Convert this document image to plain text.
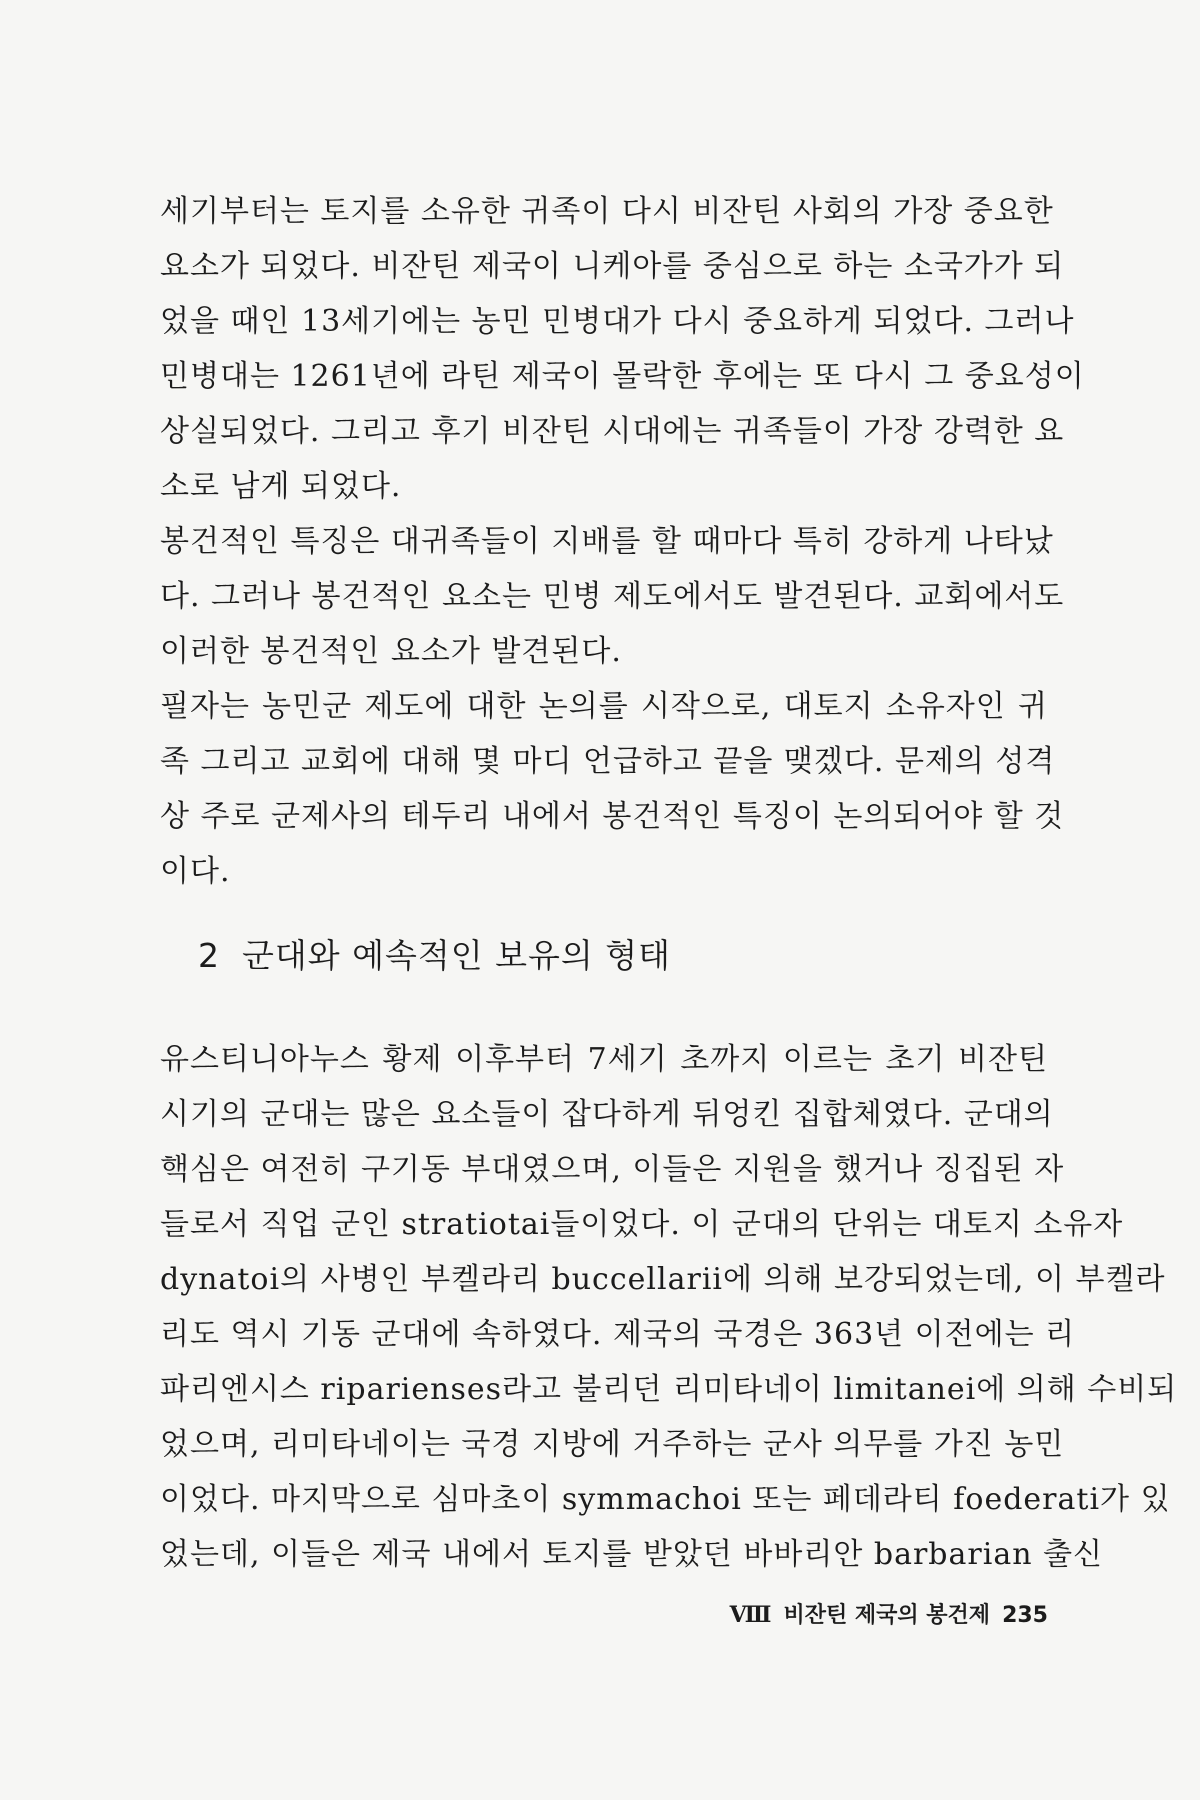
세기부터는 토지를 소유한 귀족이 다시 비잔틴 사회의 가장 중요한
요소가 되었다. 비잔틴 제국이 니케아를 중심으로 하는 소국가가 되
었을 때인 13세기에는 농민 민병대가 다시 중요하게 되었다. 그러나
민병대는 1261년에 라틴 제국이 몰락한 후에는 또 다시 그 중요성이
상실되었다. 그리고 후기 비잔틴 시대에는 귀족들이 가장 강력한 요
소로 남게 되었다.
봉건적인 특징은 대귀족들이 지배를 할 때마다 특히 강하게 나타났
다. 그러나 봉건적인 요소는 민병 제도에서도 발견된다. 교회에서도
이러한 봉건적인 요소가 발견된다.
필자는 농민군 제도에 대한 논의를 시작으로, 대토지 소유자인 귀
족 그리고 교회에 대해 몇 마디 언급하고 끝을 맺겠다. 문제의 성격
상 주로 군제사의 테두리 내에서 봉건적인 특징이 논의되어야 할 것
이다.
2 군대와 예속적인 보유의 형태
유스티니아누스 황제 이후부터 7세기 초까지 이르는 초기 비잔틴
시기의 군대는 많은 요소들이 잡다하게 뒤엉킨 집합체였다. 군대의
핵심은 여전히 구기동 부대였으며, 이들은 지원을 했거나 징집된 자
들로서 직업 군인 stratiotai들이었다. 이 군대의 단위는 대토지 소유자
dynatoi의 사병인 부켈라리 buccellarii에 의해 보강되었는데, 이 부켈라
리도 역시 기동 군대에 속하였다. 제국의 국경은 363년 이전에는 리
파리엔시스 riparienses라고 불리던 리미타네이 limitanei에 의해 수비되
었으며, 리미타네이는 국경 지방에 거주하는 군사 의무를 가진 농민
이었다. 마지막으로 심마초이 symmachoi 또는 페데라티 foederati가 있
었는데, 이들은 제국 내에서 토지를 받았던 바바리안 barbarian 출신
Ⅷ 비잔틴 제국의 봉건제 235
